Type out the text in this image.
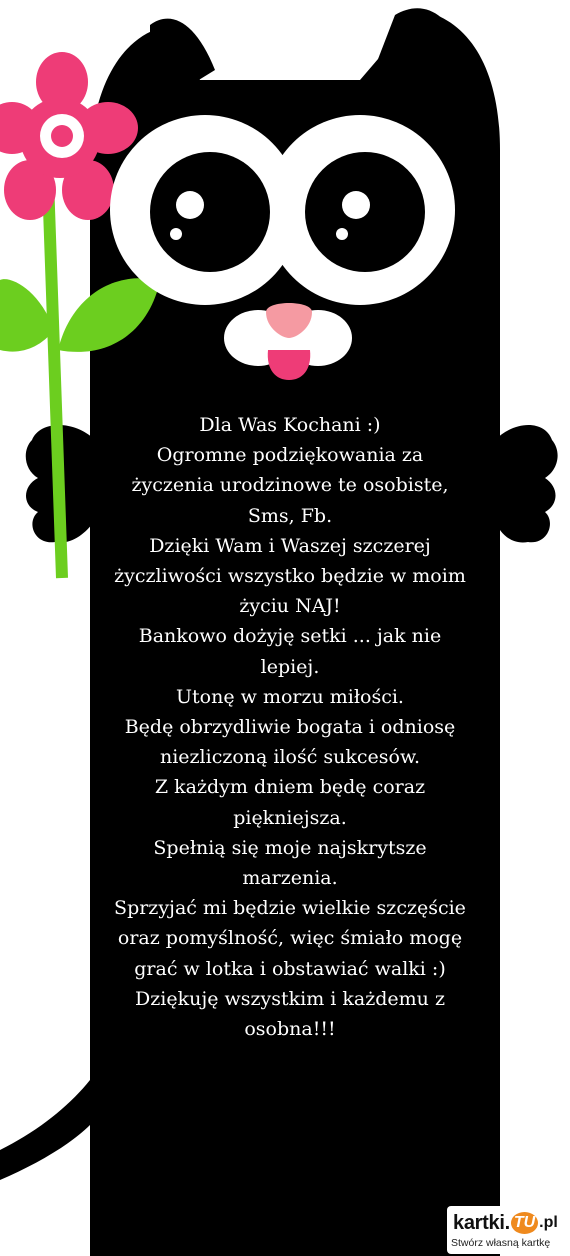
Dla Was Kochani :)
Ogromne podziękowania za
życzenia urodzinowe te osobiste,
Sms, Fb.
Dzięki Wam i Waszej szczerej
życzliwości wszystko będzie w moim
życiu NAJ!
Bankowo dożyję setki ... jak nie
lepiej.
Utonę w morzu miłości.
Będę obrzydliwie bogata i odniosę
niezliczoną ilość sukcesów.
Z każdym dniem będę coraz
piękniejsza.
Spełnią się moje najskrytsze
marzenia.
Sprzyjać mi będzie wielkie szczęście
oraz pomyślność, więc śmiało mogę
grać w lotka i obstawiać walki :)
Dziękuję wszystkim i każdemu z
osobna!!!

kartki. TU .pl
Stwórz własną kartkę
